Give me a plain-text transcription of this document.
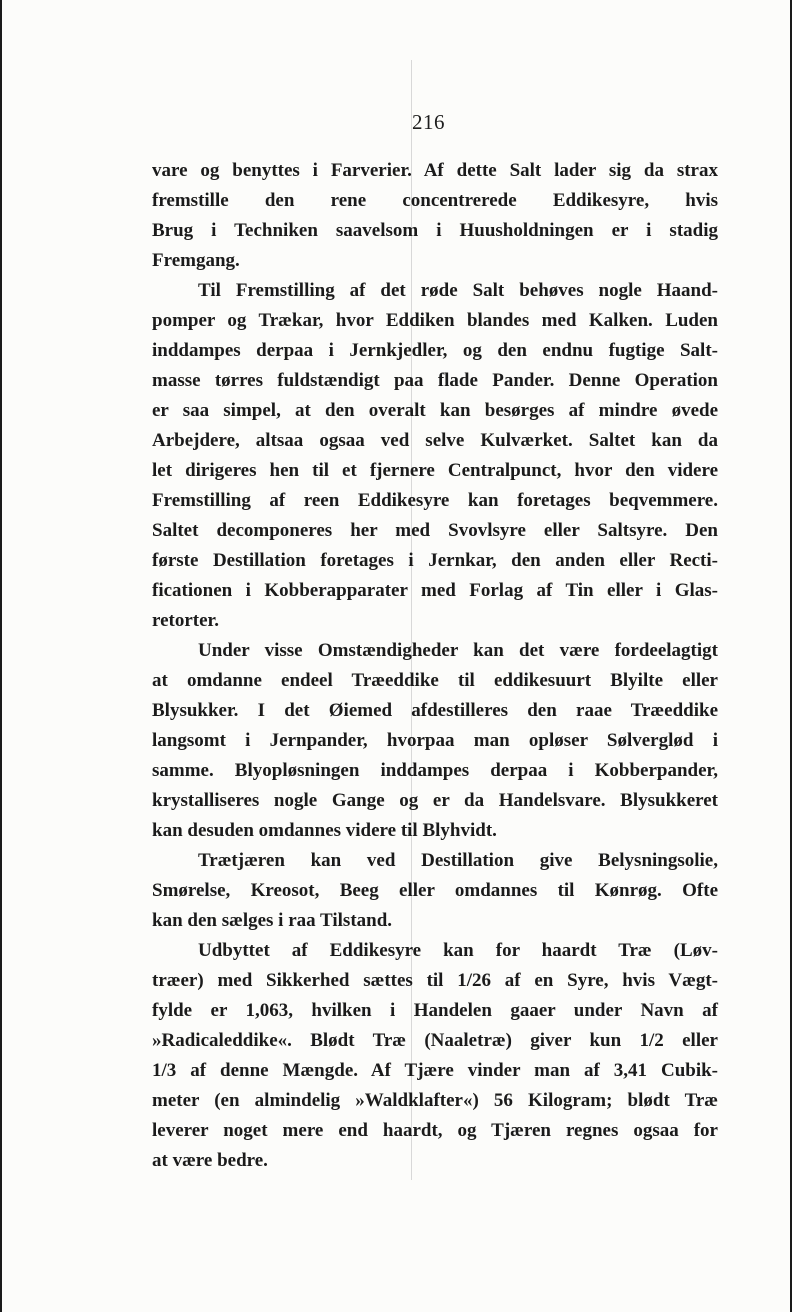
216
vare og benyttes i Farverier. Af dette Salt lader sig da strax
fremstille den rene concentrerede Eddikesyre, hvis
Brug i Techniken saavelsom i Huusholdningen er i stadig
Fremgang.
Til Fremstilling af det røde Salt behøves nogle Haand-
pomper og Trækar, hvor Eddiken blandes med Kalken. Luden
inddampes derpaa i Jernkjedler, og den endnu fugtige Salt-
masse tørres fuldstændigt paa flade Pander. Denne Operation
er saa simpel, at den overalt kan besørges af mindre øvede
Arbejdere, altsaa ogsaa ved selve Kulværket. Saltet kan da
let dirigeres hen til et fjernere Centralpunct, hvor den videre
Fremstilling af reen Eddikesyre kan foretages beqvemmere.
Saltet decomponeres her med Svovlsyre eller Saltsyre. Den
første Destillation foretages i Jernkar, den anden eller Recti-
ficationen i Kobberapparater med Forlag af Tin eller i Glas-
retorter.
Under visse Omstændigheder kan det være fordeelagtigt
at omdanne endeel Træeddike til eddikesuurt Blyilte eller
Blysukker. I det Øiemed afdestilleres den raae Træeddike
langsomt i Jernpander, hvorpaa man opløser Sølverglød i
samme. Blyopløsningen inddampes derpaa i Kobberpander,
krystalliseres nogle Gange og er da Handelsvare. Blysukkeret
kan desuden omdannes videre til Blyhvidt.
Trætjæren kan ved Destillation give Belysningsolie,
Smørelse, Kreosot, Beeg eller omdannes til Kønrøg. Ofte
kan den sælges i raa Tilstand.
Udbyttet af Eddikesyre kan for haardt Træ (Løv-
træer) med Sikkerhed sættes til 1/26 af en Syre, hvis Vægt-
fylde er 1,063, hvilken i Handelen gaaer under Navn af
»Radicaleddike«. Blødt Træ (Naaletræ) giver kun 1/2 eller
1/3 af denne Mængde. Af Tjære vinder man af 3,41 Cubik-
meter (en almindelig »Waldklafter«) 56 Kilogram; blødt Træ
leverer noget mere end haardt, og Tjæren regnes ogsaa for
at være bedre.
